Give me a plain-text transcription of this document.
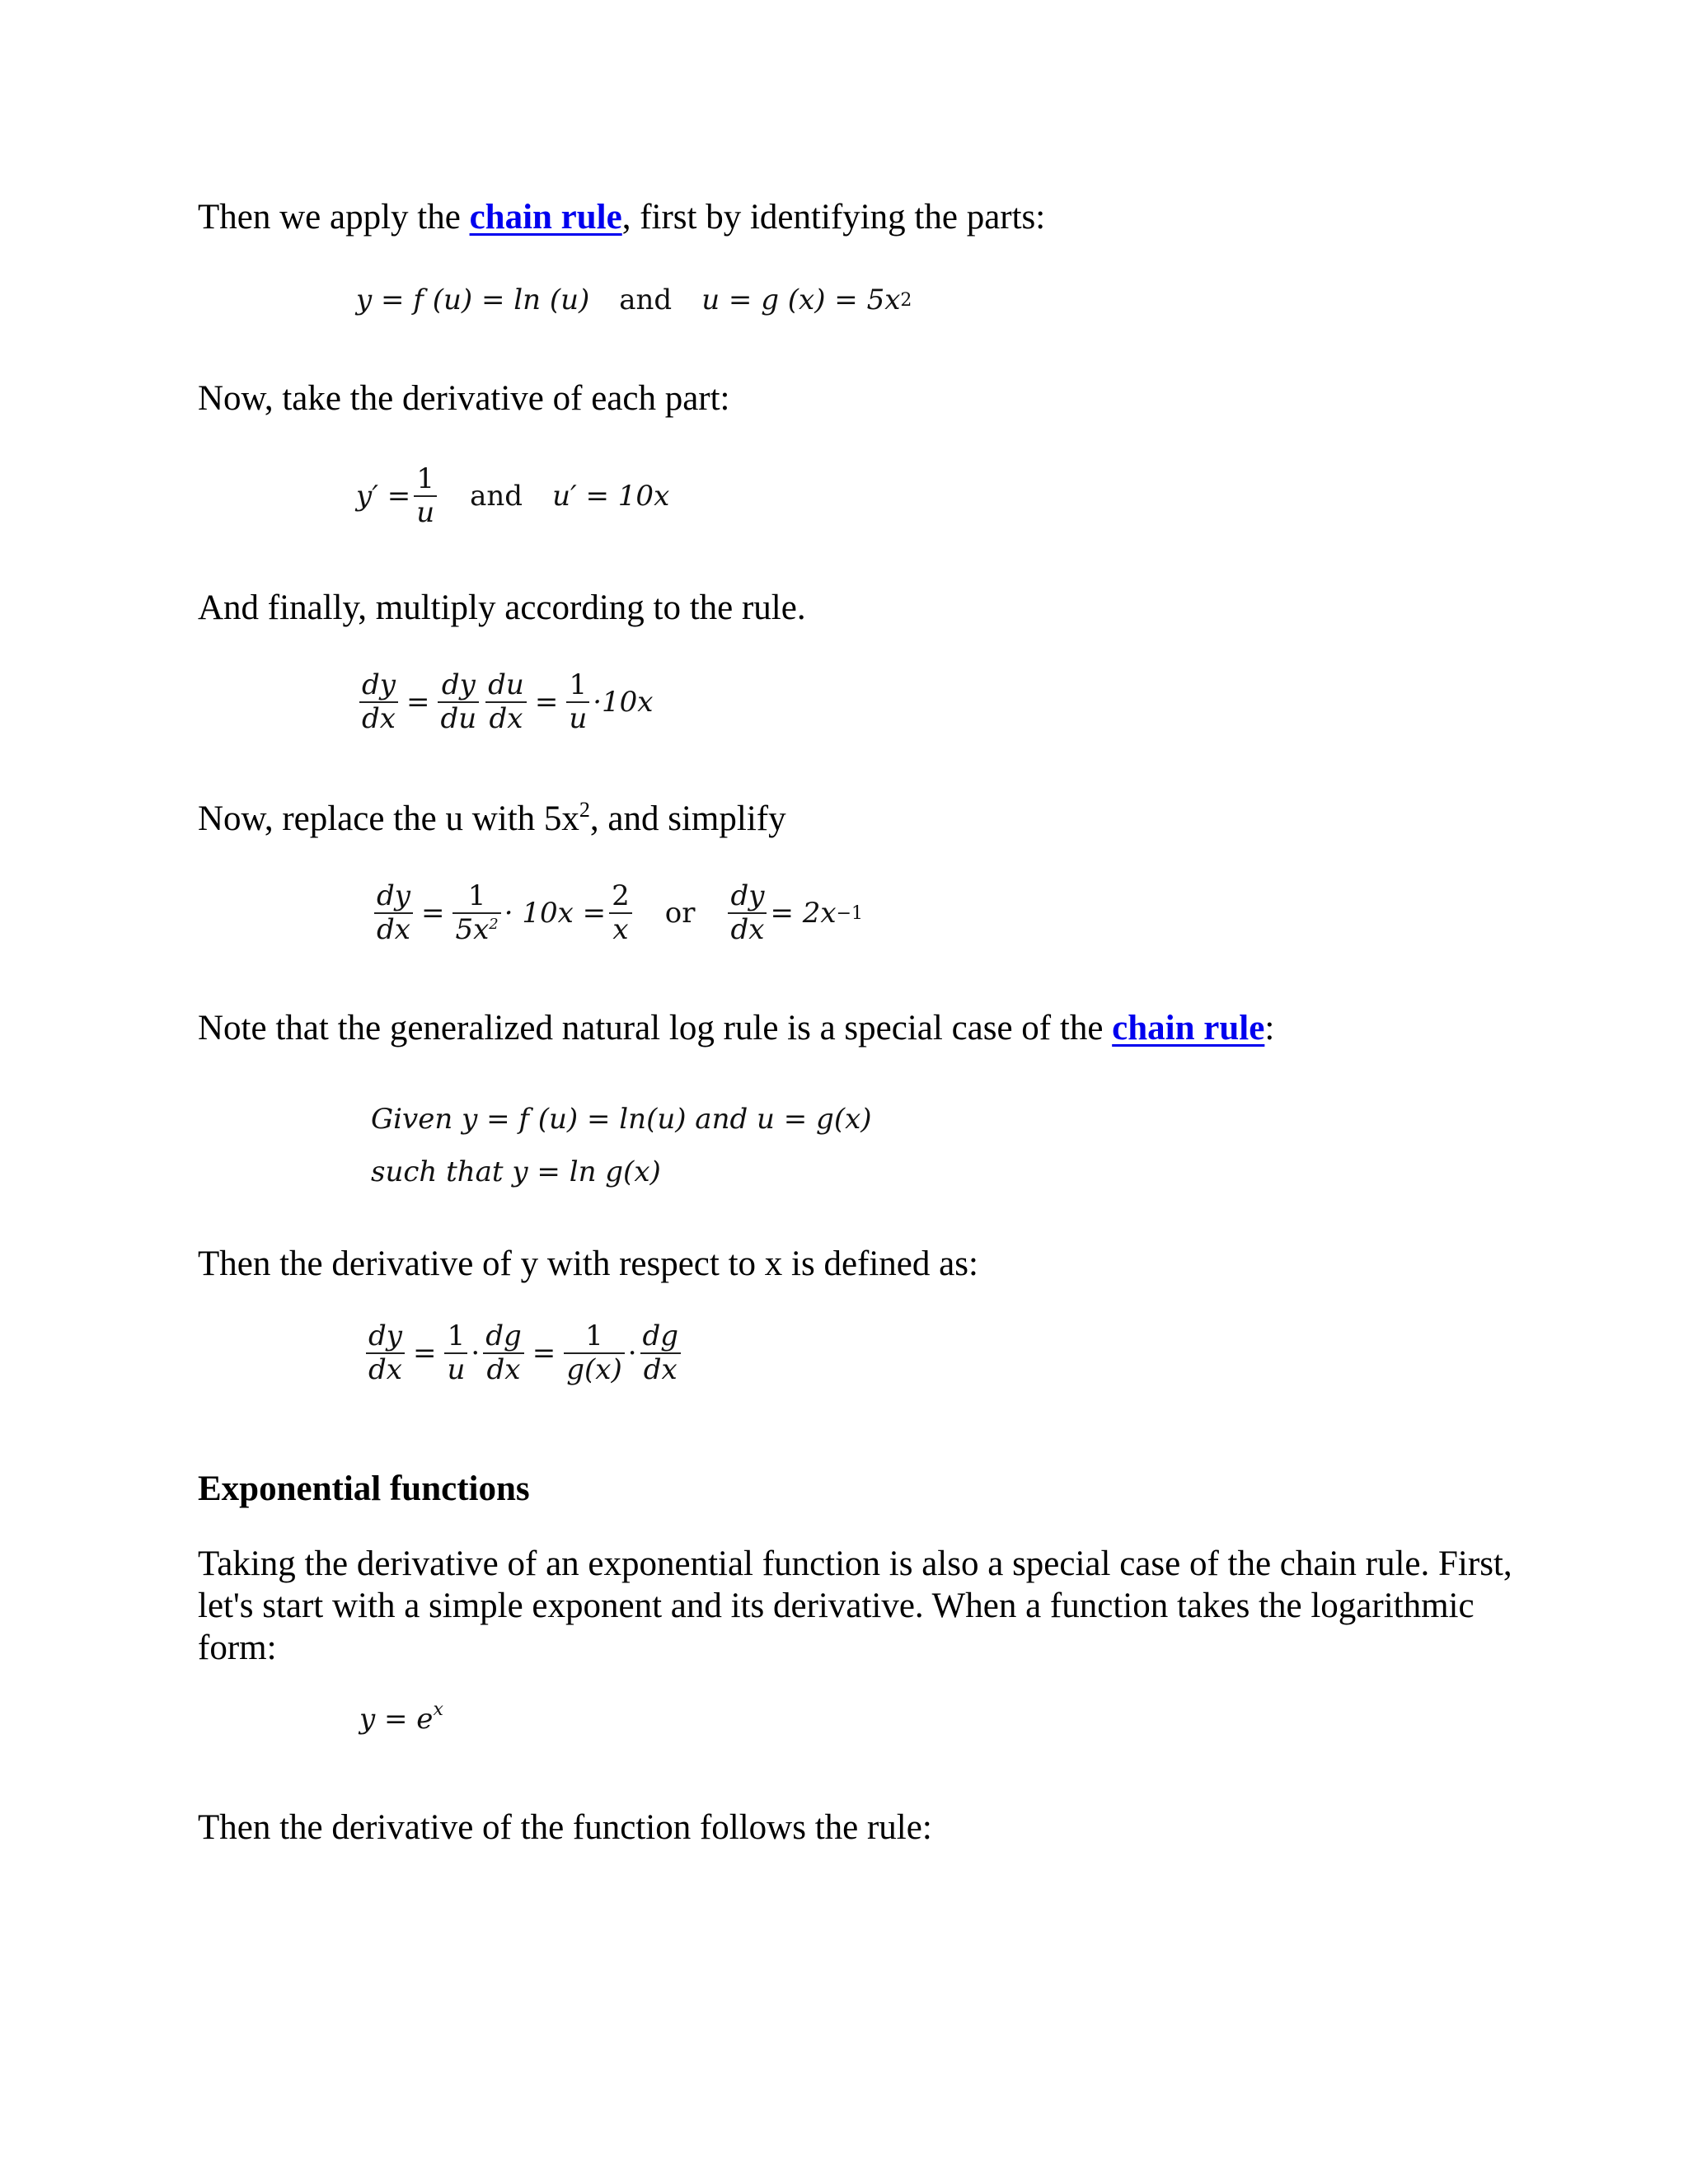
Then we apply the chain rule, first by identifying the parts:
y = f (u) = ln (u) and u = g (x) = 5x 2
Now, take the derivative of each part:
$y' = \frac{1}{u}$ and u′ = 10x
And finally, multiply according to the rule.
$\frac{dy}{dx} = \frac{dy}{du} \frac{du}{dx} = \frac{1}{u} \cdot 10x$
Now, replace the u with $5x^2$, and simplify
$\frac{dy}{dx} = \frac{1}{5x^2} \cdot 10x = \frac{2}{x}$ or $\frac{dy}{dx} = 2x -1$
Note that the generalized natural log rule is a special case of the chain rule:
Given y = f (u) = ln(u) and u = g(x)
such that y = ln g(x)
Then the derivative of y with respect to x is defined as:
$\frac{dy}{dx} = \frac{1}{u} \cdot \frac{dg}{dx} = \frac{1}{g(x)} \cdot \frac{dg}{dx}$
Exponential functions
Taking the derivative of an exponential function is also a special case of the chain rule. First, let's start with a simple exponent and its derivative. When a function takes the logarithmic form:
$y = e^x$
Then the derivative of the function follows the rule:
